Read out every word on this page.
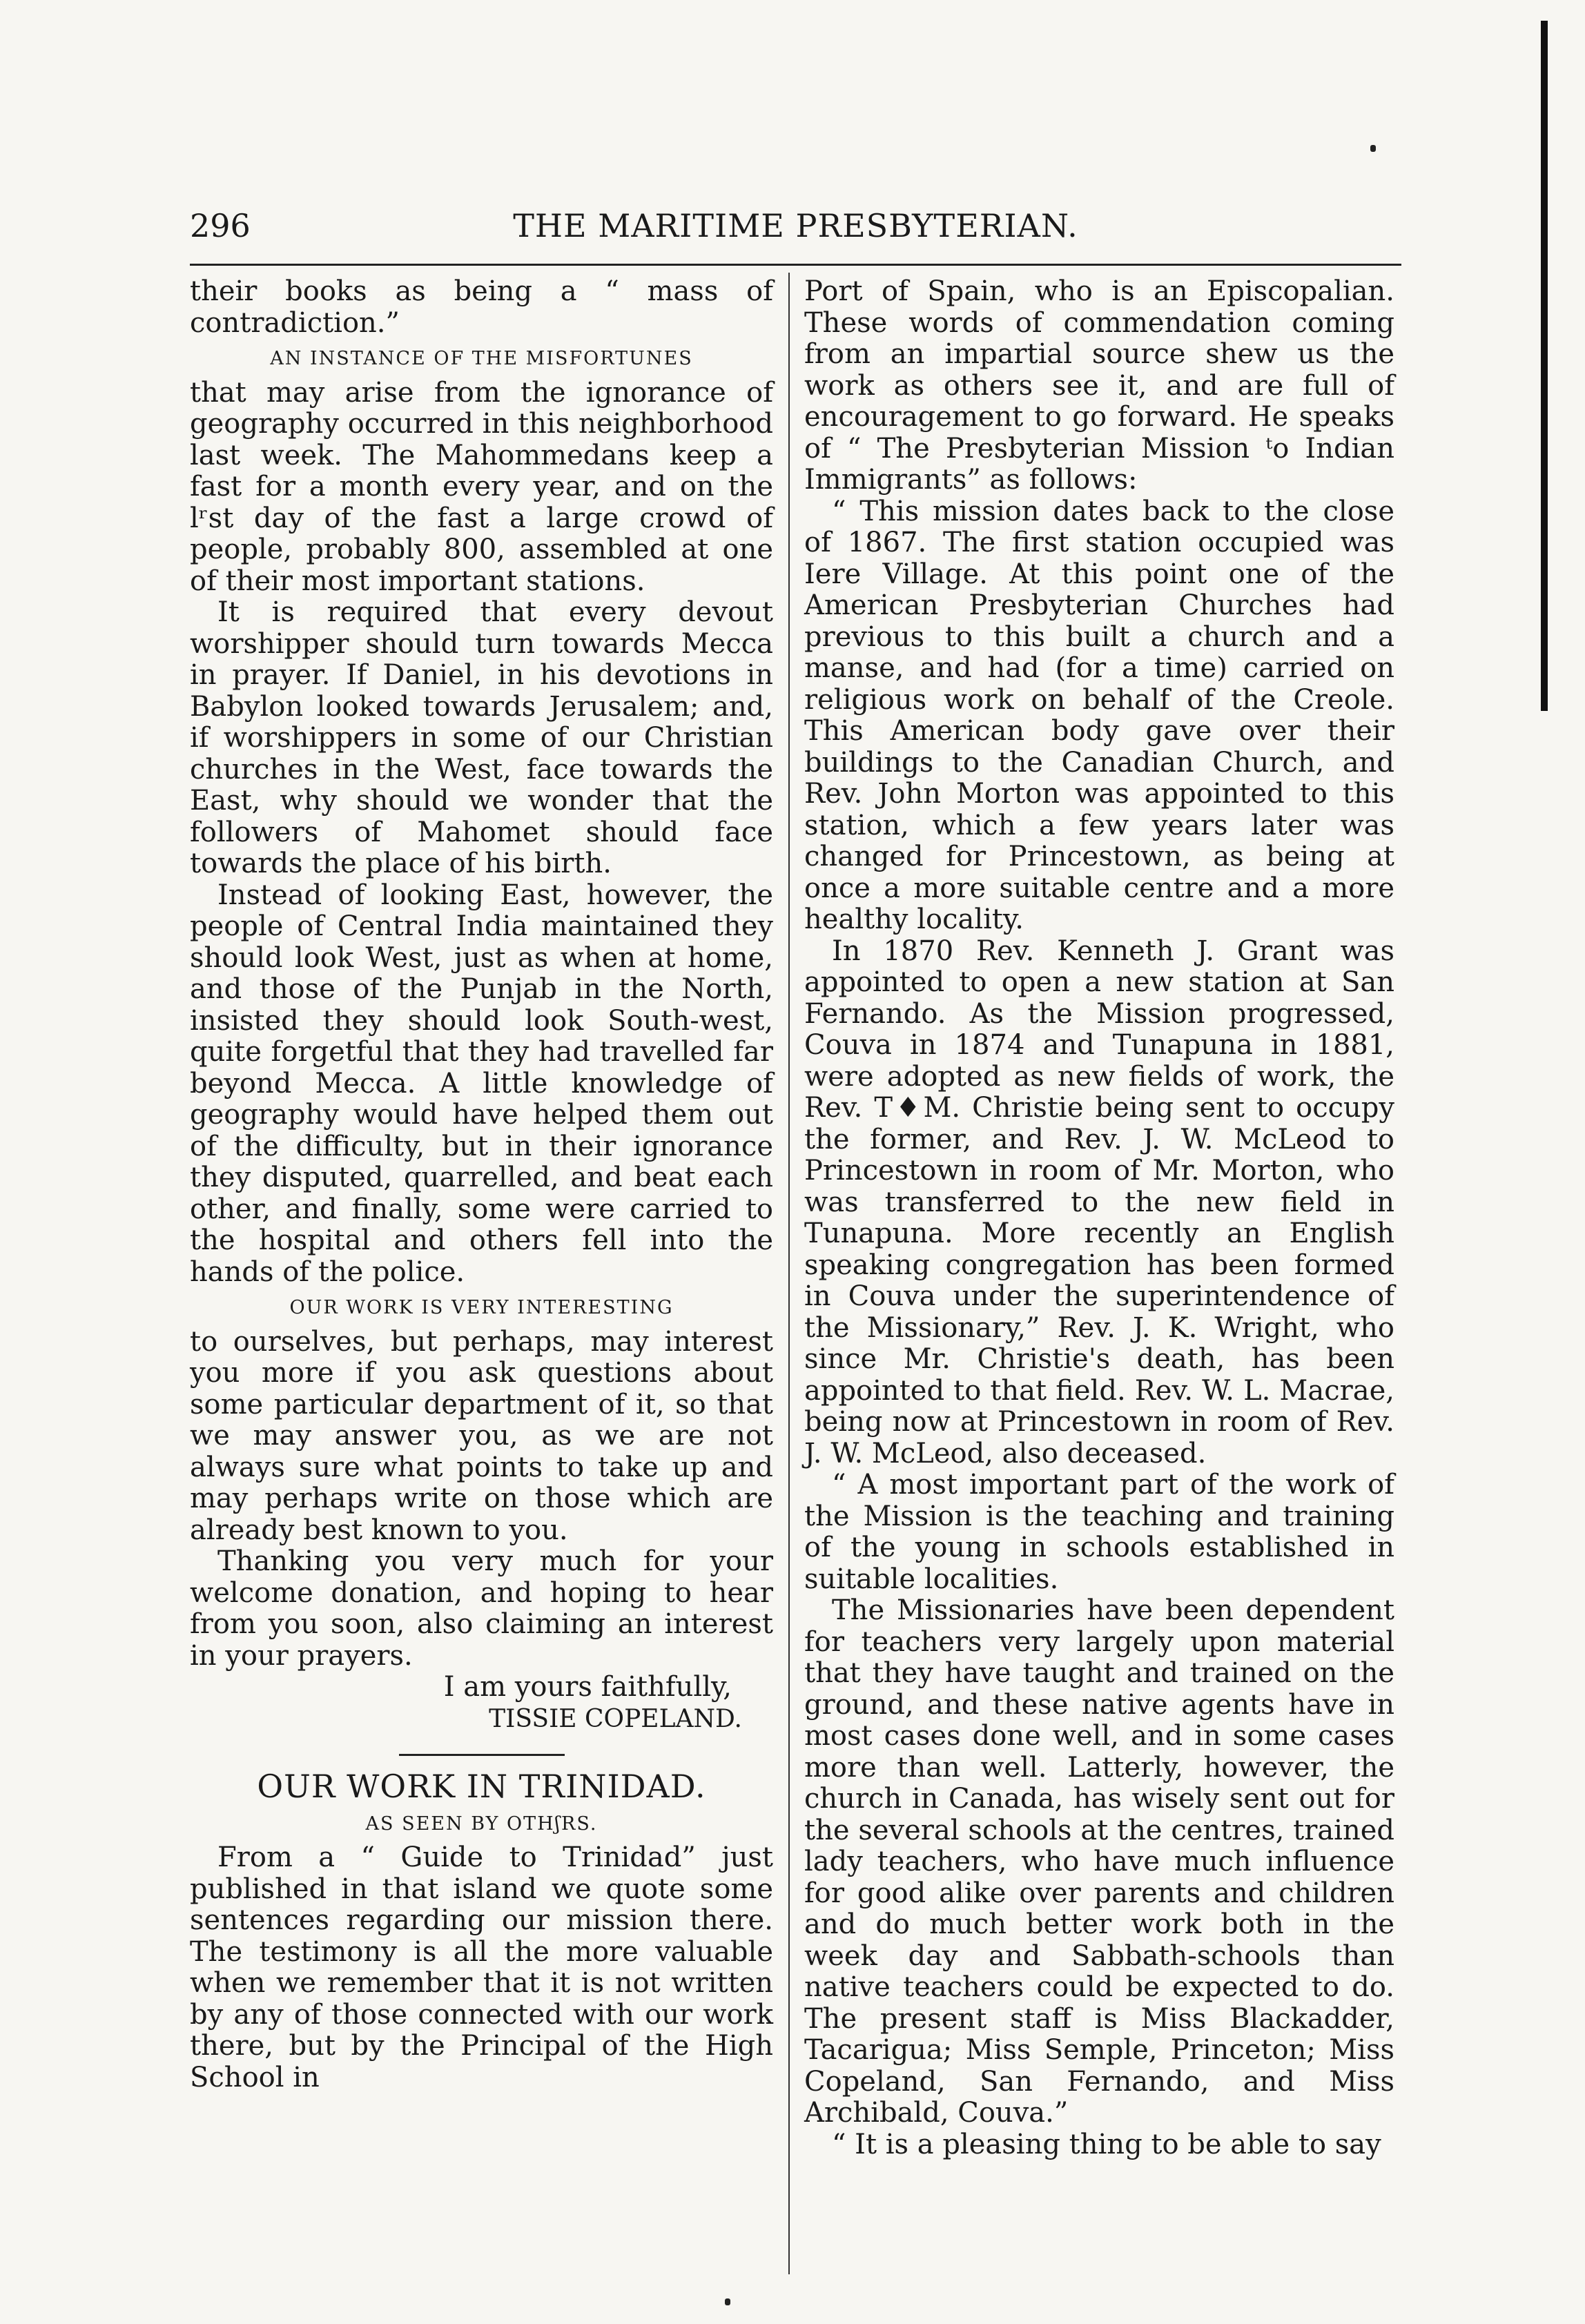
296	THE MARITIME PRESBYTERIAN.

their books as being a “ mass of contradiction.”

AN INSTANCE OF THE MISFORTUNES

that may arise from the ignorance of geography occurred in this neighborhood last week. The Mahommedans keep a fast for a month every year, and on the lʳst day of the fast a large crowd of people, probably 800, assembled at one of their most important stations.

It is required that every devout worshipper should turn towards Mecca in prayer. If Daniel, in his devotions in Babylon looked towards Jerusalem; and, if worshippers in some of our Christian churches in the West, face towards the East, why should we wonder that the followers of Mahomet should face towards the place of his birth.

Instead of looking East, however, the people of Central India maintained they should look West, just as when at home, and those of the Punjab in the North, insisted they should look South-west, quite forgetful that they had travelled far beyond Mecca. A little knowledge of geography would have helped them out of the difficulty, but in their ignorance they disputed, quarrelled, and beat each other, and finally, some were carried to the hospital and others fell into the hands of the police.

OUR WORK IS VERY INTERESTING

to ourselves, but perhaps, may interest you more if you ask questions about some particular department of it, so that we may answer you, as we are not always sure what points to take up and may perhaps write on those which are already best known to you.

Thanking you very much for your welcome donation, and hoping to hear from you soon, also claiming an interest in your prayers.

I am yours faithfully,

TISSIE COPELAND.

OUR WORK IN TRINIDAD.
AS SEEN BY OTHʃRS.

From a “ Guide to Trinidad” just published in that island we quote some sentences regarding our mission there. The testimony is all the more valuable when we remember that it is not written by any of those connected with our work there, but by the Principal of the High School in

Port of Spain, who is an Episcopalian. These words of commendation coming from an impartial source shew us the work as others see it, and are full of encouragement to go forward. He speaks of “ The Presbyterian Mission ᵗo Indian Immigrants” as follows:

“ This mission dates back to the close of 1867. The first station occupied was Iere Village. At this point one of the American Presbyterian Churches had previous to this built a church and a manse, and had (for a time) carried on religious work on behalf of the Creole. This American body gave over their buildings to the Canadian Church, and Rev. John Morton was appointed to this station, which a few years later was changed for Princestown, as being at once a more suitable centre and a more healthy locality.

In 1870 Rev. Kenneth J. Grant was appointed to open a new station at San Fernando. As the Mission progressed, Couva in 1874 and Tunapuna in 1881, were adopted as new fields of work, the Rev. T♦M. Christie being sent to occupy the former, and Rev. J. W. McLeod to Princestown in room of Mr. Morton, who was transferred to the new field in Tunapuna. More recently an English speaking congregation has been formed in Couva under the superintendence of the Missionary,” Rev. J. K. Wright, who since Mr. Christie's death, has been appointed to that field. Rev. W. L. Macrae, being now at Princestown in room of Rev. J. W. McLeod, also deceased.

“ A most important part of the work of the Mission is the teaching and training of the young in schools established in suitable localities.

The Missionaries have been dependent for teachers very largely upon material that they have taught and trained on the ground, and these native agents have in most cases done well, and in some cases more than well. Latterly, however, the church in Canada, has wisely sent out for the several schools at the centres, trained lady teachers, who have much influence for good alike over parents and children and do much better work both in the week day and Sabbath-schools than native teachers could be expected to do. The present staff is Miss Blackadder, Tacarigua; Miss Semple, Princeton; Miss Copeland, San Fernando, and Miss Archibald, Couva.”

“ It is a pleasing thing to be able to say
